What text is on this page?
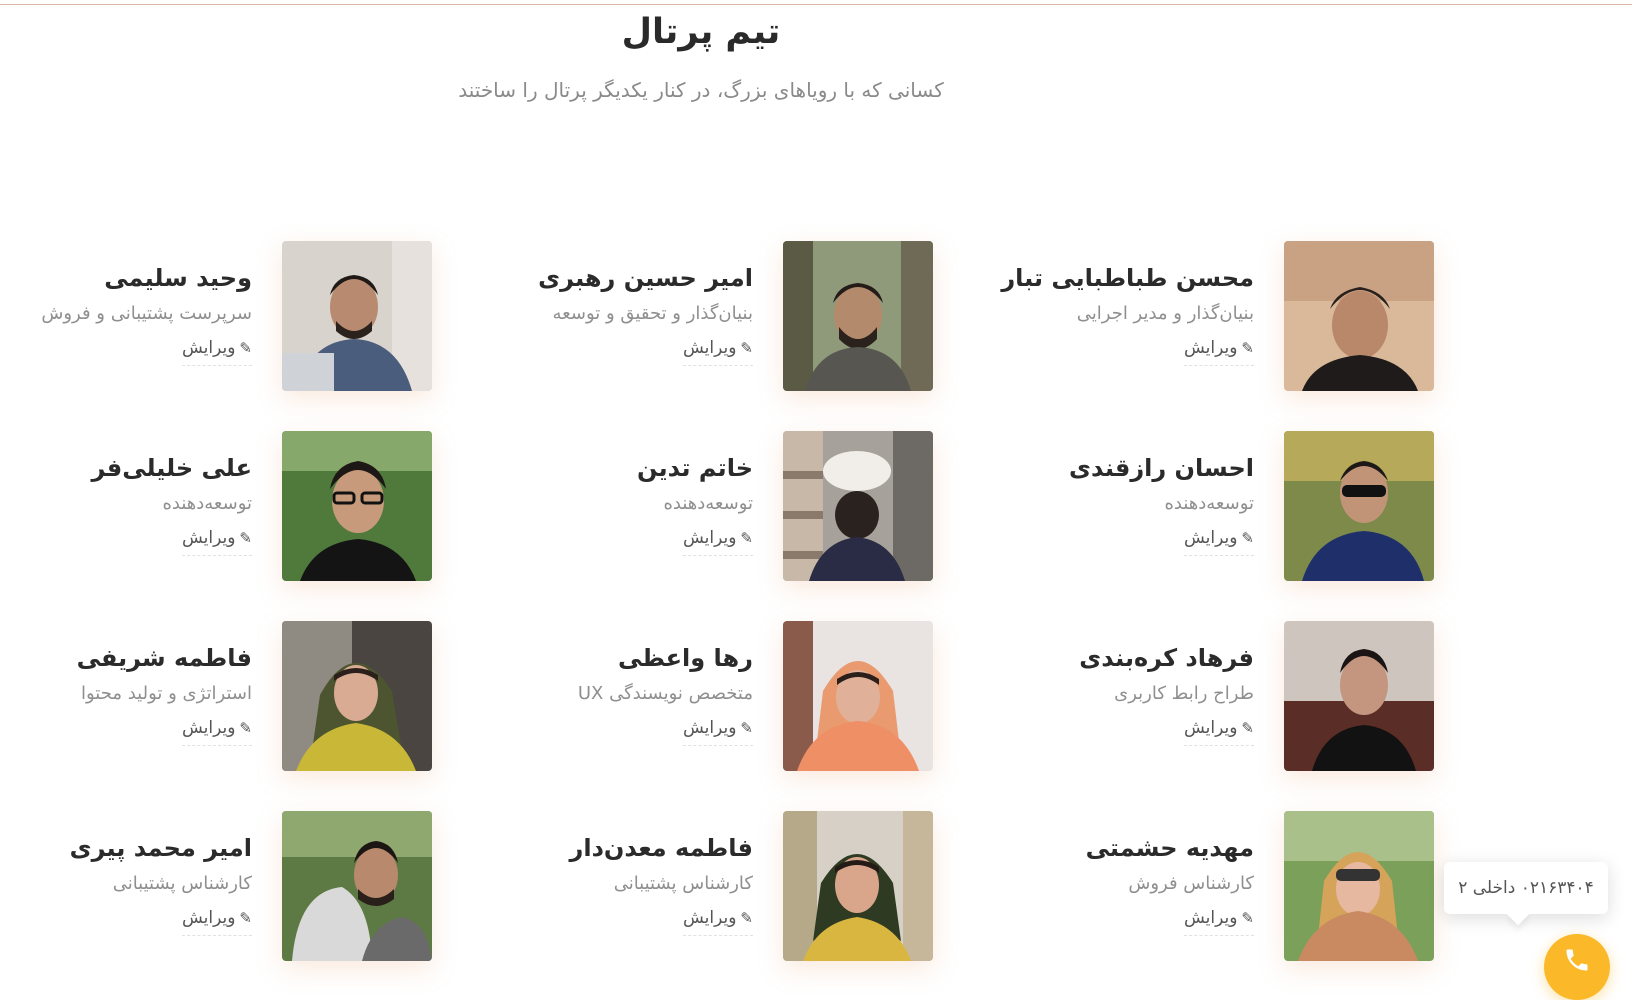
تیم پرتال
کسانی که با رویاهای بزرگ، در کنار یکدیگر پرتال را ساختند
محسن طباطبایی تبار
بنیان‌گذار و مدیر اجرایی
✎ویرایش
امیر حسین رهبری
بنیان‌گذار و تحقیق و توسعه
✎ویرایش
وحید سلیمی
سرپرست پشتیبانی و فروش
✎ویرایش
احسان رازقندی
توسعه‌دهنده
✎ویرایش
خاتم تدین
توسعه‌دهنده
✎ویرایش
علی خلیلی‌فر
توسعه‌دهنده
✎ویرایش
فرهاد کره‌بندی
طراح رابط کاربری
✎ویرایش
رها واعظی
متخصص نویسندگی UX
✎ویرایش
فاطمه شریفی
استراتژی و تولید محتوا
✎ویرایش
مهدیه حشمتی
کارشناس فروش
✎ویرایش
فاطمه معدن‌دار
کارشناس پشتیبانی
✎ویرایش
امیر محمد پیری
کارشناس پشتیبانی
✎ویرایش
۰۲۱۶۳۴۰۴ داخلی ۲
